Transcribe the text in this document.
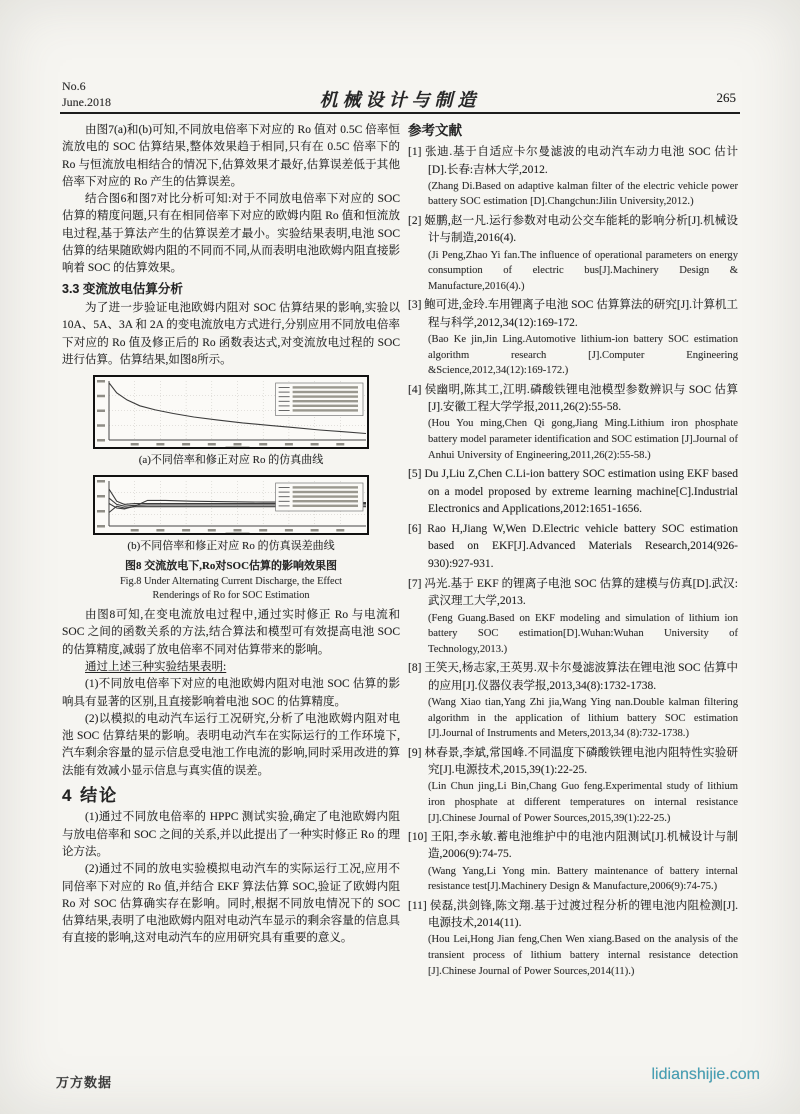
No.6
June.2018	机械设计与制造	265

由图7(a)和(b)可知,不同放电倍率下对应的 Ro 值对 0.5C 倍率恒流放电的 SOC 估算结果,整体效果趋于相同,只有在 0.5C 倍率下的 Ro 与恒流放电相结合的情况下,估算效果才最好,估算误差低于其他倍率下对应的 Ro 产生的估算误差。

结合图6和图7对比分析可知:对于不同放电倍率下对应的 SOC 估算的精度问题,只有在相同倍率下对应的欧姆内阻 Ro 值和恒流放电过程,基于算法产生的估算误差才最小。实验结果表明,电池 SOC 估算的结果随欧姆内阻的不同而不同,从而表明电池欧姆内阻直接影响着 SOC 的估算效果。

3.3 变流放电估算分析

为了进一步验证电池欧姆内阻对 SOC 估算结果的影响,实验以 10A、5A、3A 和 2A 的变电流放电方式进行,分别应用不同放电倍率下对应的 Ro 值及修正后的 Ro 函数表达式,对变流放电过程的 SOC 进行估算。估算结果,如图8所示。

(a)不同倍率和修正对应 Ro 的仿真曲线

(b)不同倍率和修正对应 Ro 的仿真误差曲线

图8 交流放电下,Ro对SOC估算的影响效果图

Fig.8 Under Alternating Current Discharge, the Effect

Renderings of Ro for SOC Estimation

由图8可知,在变电流放电过程中,通过实时修正 Ro 与电流和 SOC 之间的函数关系的方法,结合算法和模型可有效提高电池 SOC 的估算精度,减弱了放电倍率不同对估算带来的影响。

通过上述三种实验结果表明:

(1)不同放电倍率下对应的电池欧姆内阻对电池 SOC 估算的影响具有显著的区别,且直接影响着电池 SOC 的估算精度。

(2)以模拟的电动汽车运行工况研究,分析了电池欧姆内阻对电池 SOC 估算结果的影响。表明电动汽车在实际运行的工作环境下,汽车剩余容量的显示信息受电池工作电流的影响,同时采用改进的算法能有效减小显示信息与真实值的误差。

4 结论

(1)通过不同放电倍率的 HPPC 测试实验,确定了电池欧姆内阻与放电倍率和 SOC 之间的关系,并以此提出了一种实时修正 Ro 的理论方法。

(2)通过不同的放电实验模拟电动汽车的实际运行工况,应用不同倍率下对应的 Ro 值,并结合 EKF 算法估算 SOC,验证了欧姆内阻 Ro 对 SOC 估算确实存在影响。同时,根据不同放电情况下的 SOC 估算结果,表明了电池欧姆内阻对电动汽车显示的剩余容量的信息具有直接的影响,这对电动汽车的应用研究具有重要的意义。

参考文献
[1] 张迪.基于自适应卡尔曼滤波的电动汽车动力电池 SOC 估计[D].长春:吉林大学,2012.
(Zhang Di.Based on adaptive kalman filter of the electric vehicle power battery SOC estimation [D].Changchun:Jilin University,2012.)
[2] 姬鹏,赵一凡.运行参数对电动公交车能耗的影响分析[J].机械设计与制造,2016(4).
(Ji Peng,Zhao Yi fan.The influence of operational parameters on energy consumption of electric bus[J].Machinery Design & Manufacture,2016(4).)
[3] 鲍可进,金玲.车用锂离子电池 SOC 估算算法的研究[J].计算机工程与科学,2012,34(12):169-172.
(Bao Ke jin,Jin Ling.Automotive lithium-ion battery SOC estimation algorithm research [J].Computer Engineering &Science,2012,34(12):169-172.)
[4] 侯幽明,陈其工,江明.磷酸铁锂电池模型参数辨识与 SOC 估算[J].安徽工程大学学报,2011,26(2):55-58.
(Hou You ming,Chen Qi gong,Jiang Ming.Lithium iron phosphate battery model parameter identification and SOC estimation [J].Journal of Anhui University of Engineering,2011,26(2):55-58.)
[5] Du J,Liu Z,Chen C.Li-ion battery SOC estimation using EKF based on a model proposed by extreme learning machine[C].Industrial Electronics and Applications,2012:1651-1656.
[6] Rao H,Jiang W,Wen D.Electric vehicle battery SOC estimation based on EKF[J].Advanced Materials Research,2014(926-930):927-931.
[7] 冯光.基于 EKF 的锂离子电池 SOC 估算的建模与仿真[D].武汉:武汉理工大学,2013.
(Feng Guang.Based on EKF modeling and simulation of lithium ion battery SOC estimation[D].Wuhan:Wuhan University of Technology,2013.)
[8] 王笑天,杨志家,王英男.双卡尔曼滤波算法在锂电池 SOC 估算中的应用[J].仪器仪表学报,2013,34(8):1732-1738.
(Wang Xiao tian,Yang Zhi jia,Wang Ying nan.Double kalman filtering algorithm in the application of lithium battery SOC estimation [J].Journal of Instruments and Meters,2013,34 (8):732-1738.)
[9] 林春景,李斌,常国峰.不同温度下磷酸铁锂电池内阻特性实验研究[J].电源技术,2015,39(1):22-25.
(Lin Chun jing,Li Bin,Chang Guo feng.Experimental study of lithium iron phosphate at different temperatures on internal resistance [J].Chinese Journal of Power Sources,2015,39(1):22-25.)
[10] 王阳,李永敏.蓄电池维护中的电池内阻测试[J].机械设计与制造,2006(9):74-75.
(Wang Yang,Li Yong min. Battery maintenance of battery internal resistance test[J].Machinery Design & Manufacture,2006(9):74-75.)
[11] 侯磊,洪剑锋,陈文翔.基于过渡过程分析的锂电池内阻检测[J].电源技术,2014(11).
(Hou Lei,Hong Jian feng,Chen Wen xiang.Based on the analysis of the transient process of lithium battery internal resistance detection [J].Chinese Journal of Power Sources,2014(11).)
万方数据	lidianshijie.com
